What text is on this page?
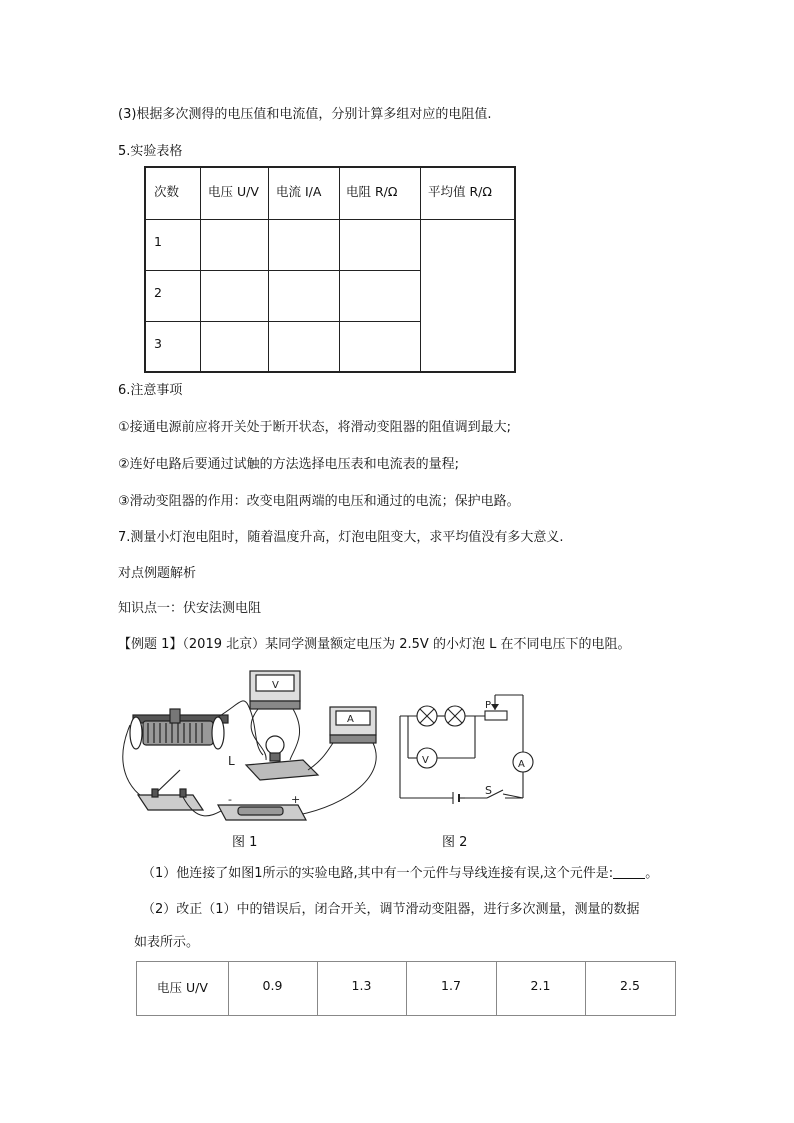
(3)根据多次测得的电压值和电流值，分别计算多组对应的电阻值.
5.实验表格
次数 电压 U/V 电流 I/A 电阻 R/Ω 平均值 R/Ω
1
2
3
6.注意事项
①接通电源前应将开关处于断开状态，将滑动变阻器的阻值调到最大;
②连好电路后要通过试触的方法选择电压表和电流表的量程;
③滑动变阻器的作用：改变电阻两端的电压和通过的电流；保护电路。
7.测量小灯泡电阻时，随着温度升高，灯泡电阻变大，求平均值没有多大意义.
对点例题解析
知识点一：伏安法测电阻
【例题 1】（2019 北京）某同学测量额定电压为 2.5V 的小灯泡 L 在不同电压下的电阻。
V
L
A
-	+
V	A
P
S
图 1	图 2
（1）他连接了如图1所示的实验电路,其中有一个元件与导线连接有误,这个元件是: 。
（2）改正（1）中的错误后，闭合开关，调节滑动变阻器，进行多次测量，测量的数据
如表所示。
电压 U/V	0.9	1.3	1.7	2.1	2.5
